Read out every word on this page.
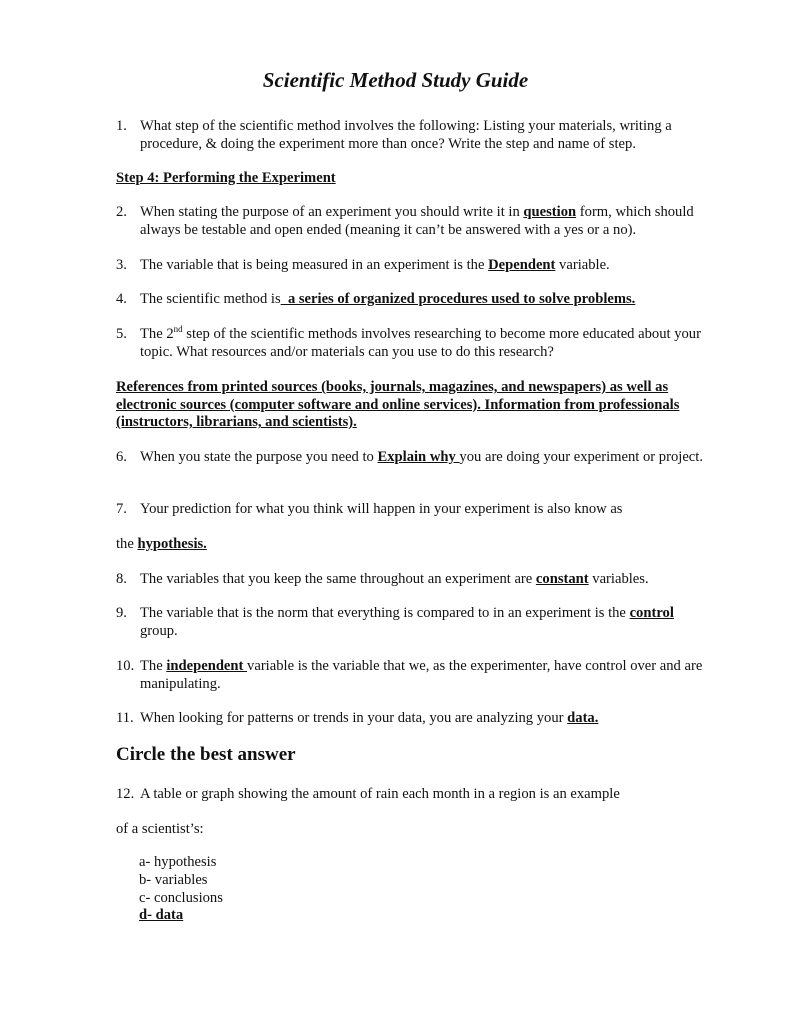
Scientific Method Study Guide
1. What step of the scientific method involves the following: Listing your materials, writing a procedure, & doing the experiment more than once? Write the step and name of step.
Step 4: Performing the Experiment
2. When stating the purpose of an experiment you should write it in question form, which should always be testable and open ended (meaning it can’t be answered with a yes or a no).
3. The variable that is being measured in an experiment is the Dependent variable.
4. The scientific method is  a series of organized procedures used to solve problems.
5. The 2nd step of the scientific methods involves researching to become more educated about your topic. What resources and/or materials can you use to do this research?
References from printed sources (books, journals, magazines, and newspapers) as well as electronic sources (computer software and online services). Information from professionals (instructors, librarians, and scientists).
6. When you state the purpose you need to Explain why you are doing your experiment or project.
7. Your prediction for what you think will happen in your experiment is also know as
the hypothesis.
8. The variables that you keep the same throughout an experiment are constant variables.
9. The variable that is the norm that everything is compared to in an experiment is the control group.
10. The independent variable is the variable that we, as the experimenter, have control over and are manipulating.
11. When looking for patterns or trends in your data, you are analyzing your data.
Circle the best answer
12. A table or graph showing the amount of rain each month in a region is an example
of a scientist’s:
a- hypothesis
b- variables
c- conclusions
d- data
